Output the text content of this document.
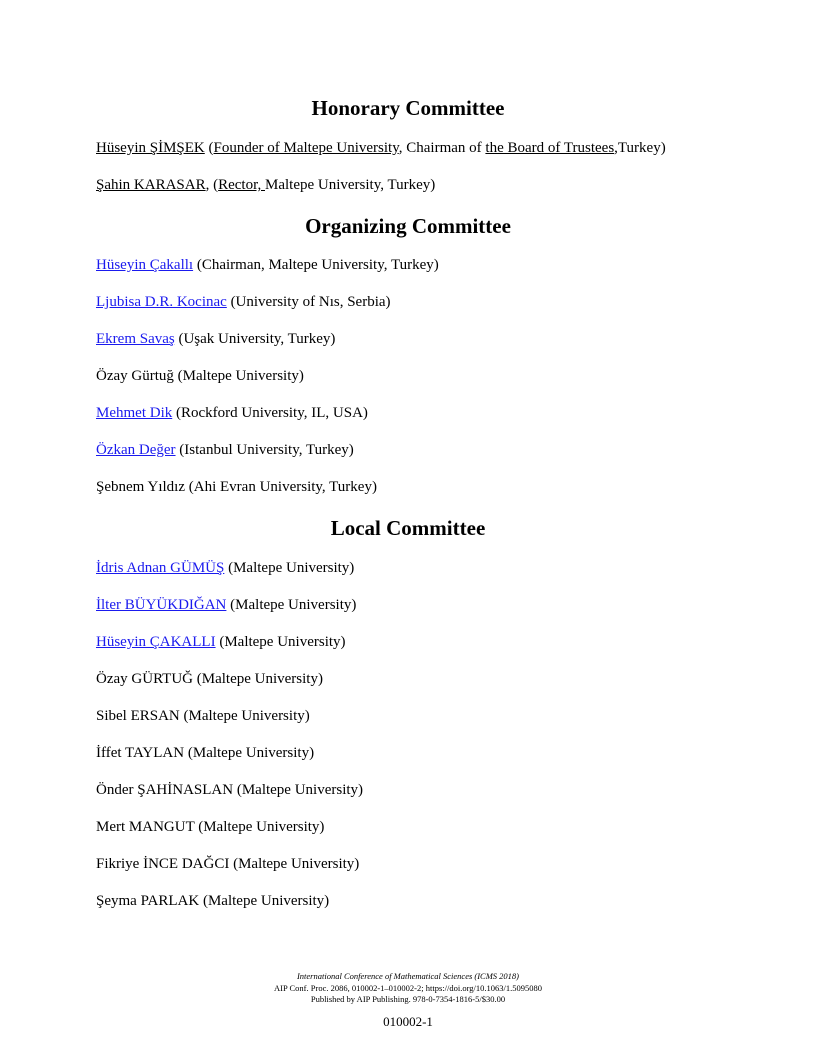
Honorary Committee
Hüseyin ŞİMŞEK (Founder of Maltepe University, Chairman of the Board of Trustees,Turkey)
Şahin KARASAR, (Rector, Maltepe University, Turkey)
Organizing Committee
Hüseyin Çakallı (Chairman, Maltepe University, Turkey)
Ljubisa D.R. Kocinac (University of Nıs, Serbia)
Ekrem Savaş (Uşak University, Turkey)
Özay Gürtuğ (Maltepe University)
Mehmet Dik (Rockford University, IL, USA)
Özkan Değer (Istanbul University, Turkey)
Şebnem Yıldız (Ahi Evran University, Turkey)
Local Committee
İdris Adnan GÜMÜŞ (Maltepe University)
İlter BÜYÜKDIĞAN (Maltepe University)
Hüseyin ÇAKALLI (Maltepe University)
Özay GÜRTUĞ (Maltepe University)
Sibel ERSAN (Maltepe University)
İffet TAYLAN (Maltepe University)
Önder ŞAHİNASLAN (Maltepe University)
Mert MANGUT (Maltepe University)
Fikriye İNCE DAĞCI (Maltepe University)
Şeyma PARLAK (Maltepe University)
International Conference of Mathematical Sciences (ICMS 2018)
AIP Conf. Proc. 2086, 010002-1–010002-2; https://doi.org/10.1063/1.5095080
Published by AIP Publishing. 978-0-7354-1816-5/$30.00
010002-1
